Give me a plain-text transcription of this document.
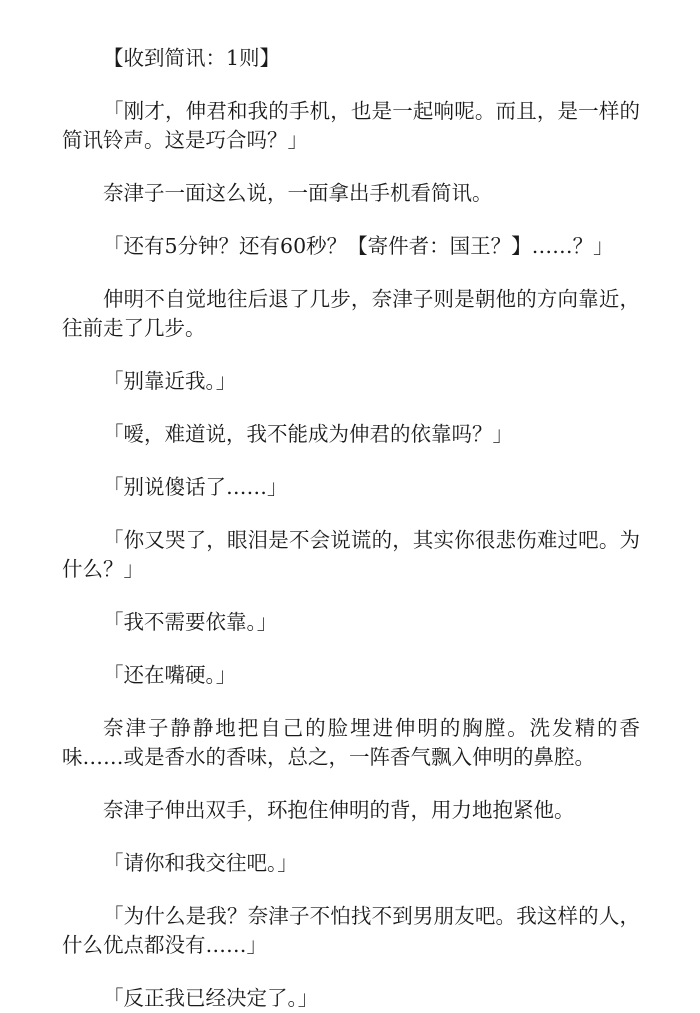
【收到简讯：1则】

「刚才，伸君和我的手机，也是一起响呢。而且，是一样的简讯铃声。这是巧合吗？」

奈津子一面这么说，一面拿出手机看简讯。

「还有5分钟？还有60秒？【寄件者：国王？】……？」

伸明不自觉地往后退了几步，奈津子则是朝他的方向靠近，往前走了几步。

「别靠近我。」

「嗳，难道说，我不能成为伸君的依靠吗？」

「别说傻话了……」

「你又哭了，眼泪是不会说谎的，其实你很悲伤难过吧。为什么？」

「我不需要依靠。」

「还在嘴硬。」

奈津子静静地把自己的脸埋进伸明的胸膛。洗发精的香味……或是香水的香味，总之，一阵香气飘入伸明的鼻腔。

奈津子伸出双手，环抱住伸明的背，用力地抱紧他。

「请你和我交往吧。」

「为什么是我？奈津子不怕找不到男朋友吧。我这样的人，什么优点都没有……」

「反正我已经决定了。」
